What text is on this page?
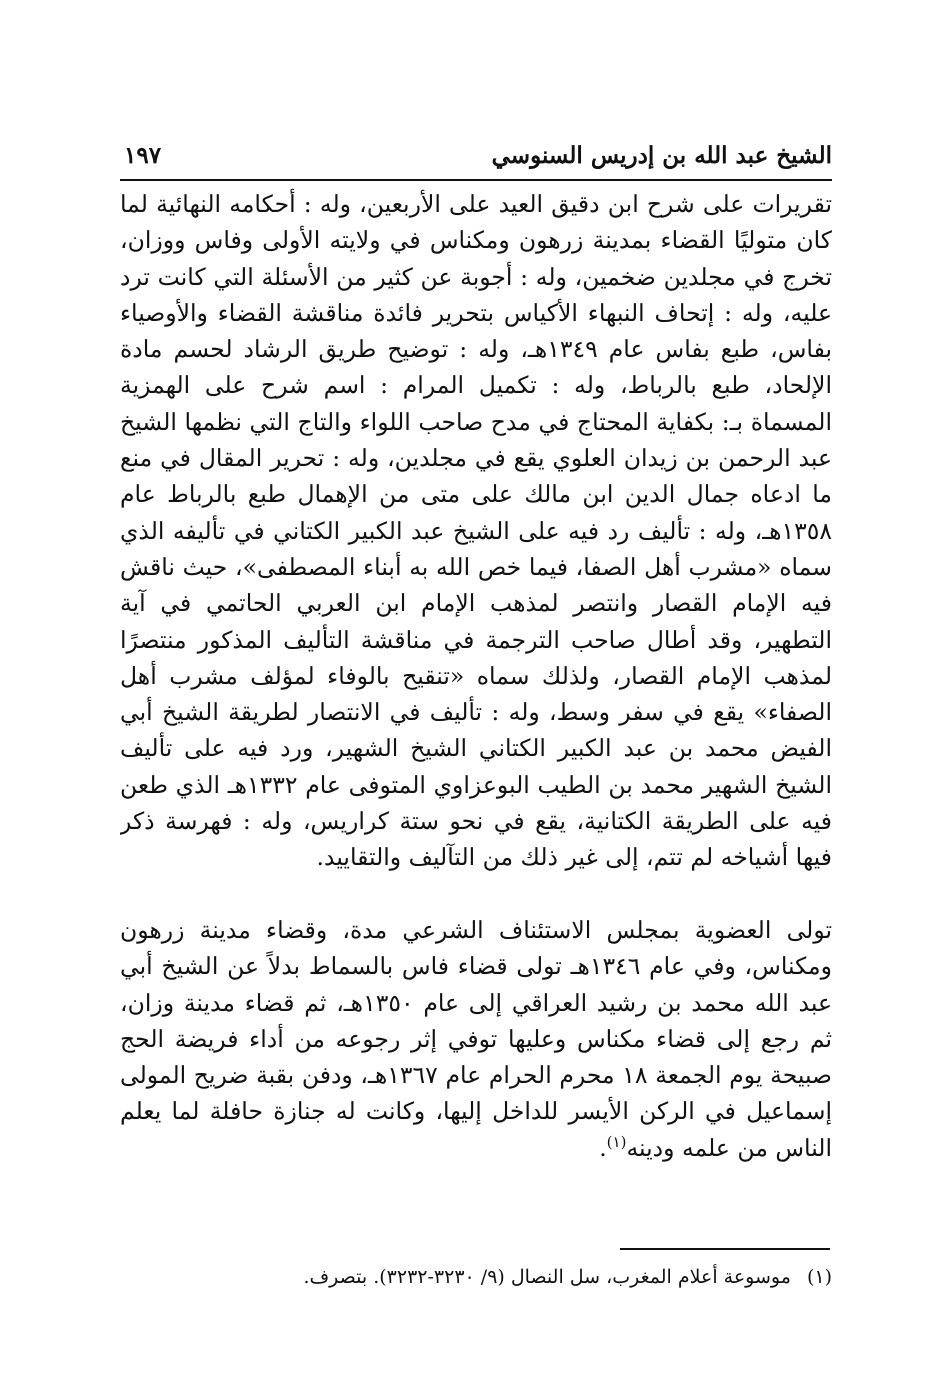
الشيخ عبد الله بن إدريس السنوسي
١٩٧

تقريرات على شرح ابن دقيق العيد على الأربعين، وله : أحكامه النهائية لما كان متوليًا القضاء بمدينة زرهون ومكناس في ولايته الأولى وفاس ووزان، تخرج في مجلدين ضخمين، وله : أجوبة عن كثير من الأسئلة التي كانت ترد عليه، وله : إتحاف النبهاء الأكياس بتحرير فائدة مناقشة القضاء والأوصياء بفاس، طبع بفاس عام ١٣٤٩هـ، وله : توضيح طريق الرشاد لحسم مادة الإلحاد، طبع بالرباط، وله : تكميل المرام : اسم شرح على الهمزية المسماة بـ: بكفاية المحتاج في مدح صاحب اللواء والتاج التي نظمها الشيخ عبد الرحمن بن زيدان العلوي يقع في مجلدين، وله : تحرير المقال في منع ما ادعاه جمال الدين ابن مالك على متى من الإهمال طبع بالرباط عام ١٣٥٨هـ، وله : تأليف رد فيه على الشيخ عبد الكبير الكتاني في تأليفه الذي سماه «مشرب أهل الصفا، فيما خص الله به أبناء المصطفى»، حيث ناقش فيه الإمام القصار وانتصر لمذهب الإمام ابن العربي الحاتمي في آية التطهير، وقد أطال صاحب الترجمة في مناقشة التأليف المذكور منتصرًا لمذهب الإمام القصار، ولذلك سماه «تنقيح بالوفاء لمؤلف مشرب أهل الصفاء» يقع في سفر وسط، وله : تأليف في الانتصار لطريقة الشيخ أبي الفيض محمد بن عبد الكبير الكتاني الشيخ الشهير، ورد فيه على تأليف الشيخ الشهير محمد بن الطيب البوعزاوي المتوفى عام ١٣٣٢هـ الذي طعن فيه على الطريقة الكتانية، يقع في نحو ستة كراريس، وله : فهرسة ذكر فيها أشياخه لم تتم، إلى غير ذلك من التآليف والتقاييد.

تولى العضوية بمجلس الاستئناف الشرعي مدة، وقضاء مدينة زرهون ومكناس، وفي عام ١٣٤٦هـ تولى قضاء فاس بالسماط بدلاً عن الشيخ أبي عبد الله محمد بن رشيد العراقي إلى عام ١٣٥٠هـ، ثم قضاء مدينة وزان، ثم رجع إلى قضاء مكناس وعليها توفي إثر رجوعه من أداء فريضة الحج صبيحة يوم الجمعة ١٨ محرم الحرام عام ١٣٦٧هـ، ودفن بقبة ضريح المولى إسماعيل في الركن الأيسر للداخل إليها، وكانت له جنازة حافلة لما يعلم الناس من علمه ودينه$^{(١)}$.

(١) موسوعة أعلام المغرب، سل النصال (٩/ ٣٢٣٠-٣٢٣٢). بتصرف.
